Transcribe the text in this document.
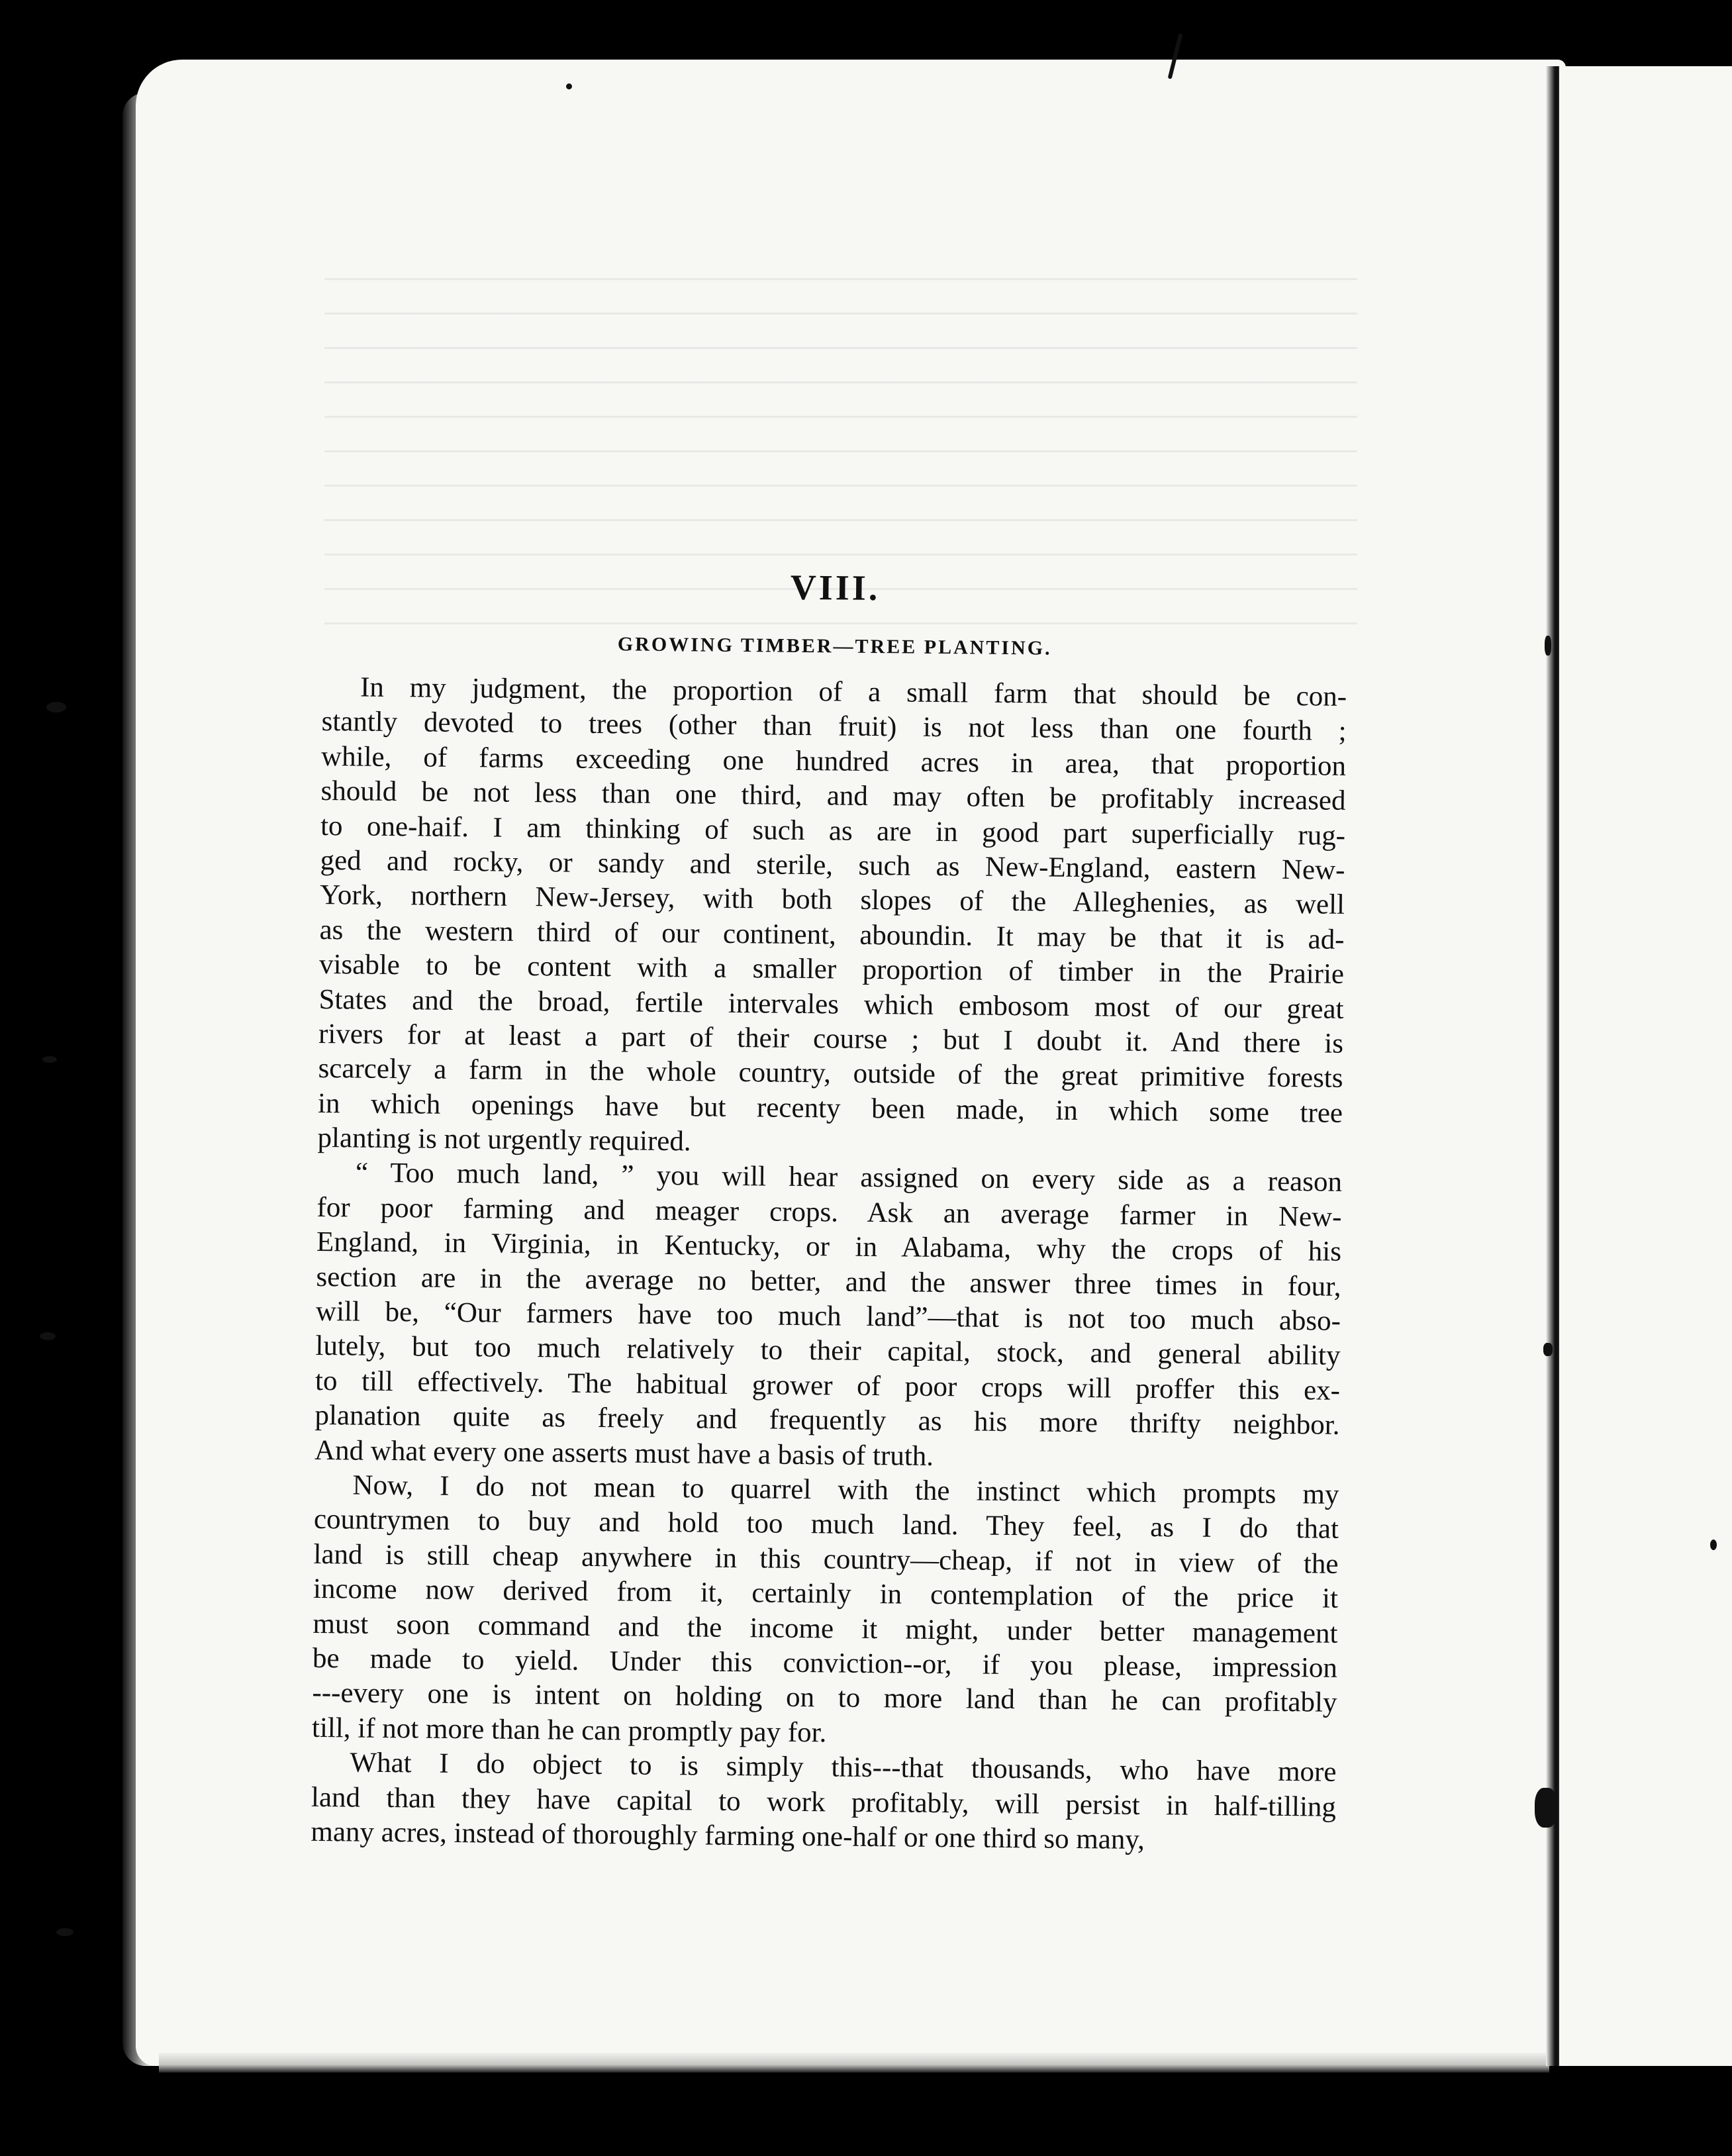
VIII.
GROWING TIMBER—TREE PLANTING.
In my judgment, the proportion of a small farm that should be con-
stantly devoted to trees (other than fruit) is not less than one fourth ;
while, of farms exceeding one hundred acres in area, that proportion
should be not less than one third, and may often be profitably increased
to one-haif. I am thinking of such as are in good part superficially rug-
ged and rocky, or sandy and sterile, such as New-England, eastern New-
York, northern New-Jersey, with both slopes of the Alleghenies, as well
as the western third of our continent, aboundin. It may be that it is ad-
visable to be content with a smaller proportion of timber in the Prairie
States and the broad, fertile intervales which embosom most of our great
rivers for at least a part of their course ; but I doubt it. And there is
scarcely a farm in the whole country, outside of the great primitive forests
in which openings have but recenty been made, in which some tree
planting is not urgently required.
“ Too much land, ” you will hear assigned on every side as a reason
for poor farming and meager crops. Ask an average farmer in New-
England, in Virginia, in Kentucky, or in Alabama, why the crops of his
section are in the average no better, and the answer three times in four,
will be, “Our farmers have too much land”—that is not too much abso-
lutely, but too much relatively to their capital, stock, and general ability
to till effectively. The habitual grower of poor crops will proffer this ex-
planation quite as freely and frequently as his more thrifty neighbor.
And what every one asserts must have a basis of truth.
Now, I do not mean to quarrel with the instinct which prompts my
countrymen to buy and hold too much land. They feel, as I do that
land is still cheap anywhere in this country—cheap, if not in view of the
income now derived from it, certainly in contemplation of the price it
must soon command and the income it might, under better management
be made to yield. Under this conviction--or, if you please, impression
---every one is intent on holding on to more land than he can profitably
till, if not more than he can promptly pay for.
What I do object to is simply this---that thousands, who have more
land than they have capital to work profitably, will persist in half-tilling
many acres, instead of thoroughly farming one-half or one third so many,
